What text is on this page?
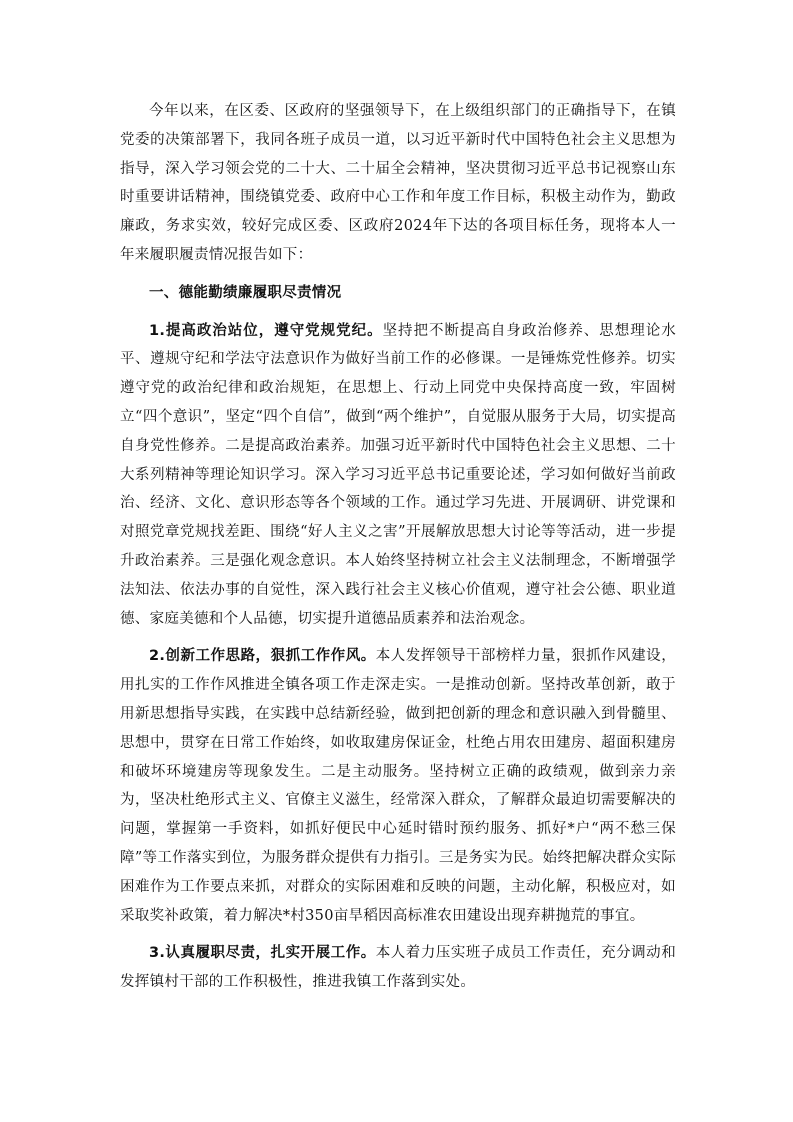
今年以来，在区委、区政府的坚强领导下，在上级组织部门的正确指导下，在镇党委的决策部署下，我同各班子成员一道，以习近平新时代中国特色社会主义思想为指导，深入学习领会党的二十大、二十届全会精神，坚决贯彻习近平总书记视察山东时重要讲话精神，围绕镇党委、政府中心工作和年度工作目标，积极主动作为，勤政廉政，务求实效，较好完成区委、区政府2024年下达的各项目标任务，现将本人一年来履职履责情况报告如下：

一、德能勤绩廉履职尽责情况

1.提高政治站位，遵守党规党纪。坚持把不断提高自身政治修养、思想理论水平、遵规守纪和学法守法意识作为做好当前工作的必修课。一是锤炼党性修养。切实遵守党的政治纪律和政治规矩，在思想上、行动上同党中央保持高度一致，牢固树立“四个意识”，坚定“四个自信”，做到“两个维护”，自觉服从服务于大局，切实提高自身党性修养。二是提高政治素养。加强习近平新时代中国特色社会主义思想、二十大系列精神等理论知识学习。深入学习习近平总书记重要论述，学习如何做好当前政治、经济、文化、意识形态等各个领域的工作。通过学习先进、开展调研、讲党课和对照党章党规找差距、围绕“好人主义之害”开展解放思想大讨论等等活动，进一步提升政治素养。三是强化观念意识。本人始终坚持树立社会主义法制理念，不断增强学法知法、依法办事的自觉性，深入践行社会主义核心价值观，遵守社会公德、职业道德、家庭美德和个人品德，切实提升道德品质素养和法治观念。

2.创新工作思路，狠抓工作作风。本人发挥领导干部榜样力量，狠抓作风建设，用扎实的工作作风推进全镇各项工作走深走实。一是推动创新。坚持改革创新，敢于用新思想指导实践，在实践中总结新经验，做到把创新的理念和意识融入到骨髓里、思想中，贯穿在日常工作始终，如收取建房保证金，杜绝占用农田建房、超面积建房和破坏环境建房等现象发生。二是主动服务。坚持树立正确的政绩观，做到亲力亲为，坚决杜绝形式主义、官僚主义滋生，经常深入群众，了解群众最迫切需要解决的问题，掌握第一手资料，如抓好便民中心延时错时预约服务、抓好*户“两不愁三保障”等工作落实到位，为服务群众提供有力指引。三是务实为民。始终把解决群众实际困难作为工作要点来抓，对群众的实际困难和反映的问题，主动化解，积极应对，如采取奖补政策，着力解决*村350亩旱稻因高标准农田建设出现弃耕抛荒的事宜。

3.认真履职尽责，扎实开展工作。本人着力压实班子成员工作责任，充分调动和发挥镇村干部的工作积极性，推进我镇工作落到实处。
